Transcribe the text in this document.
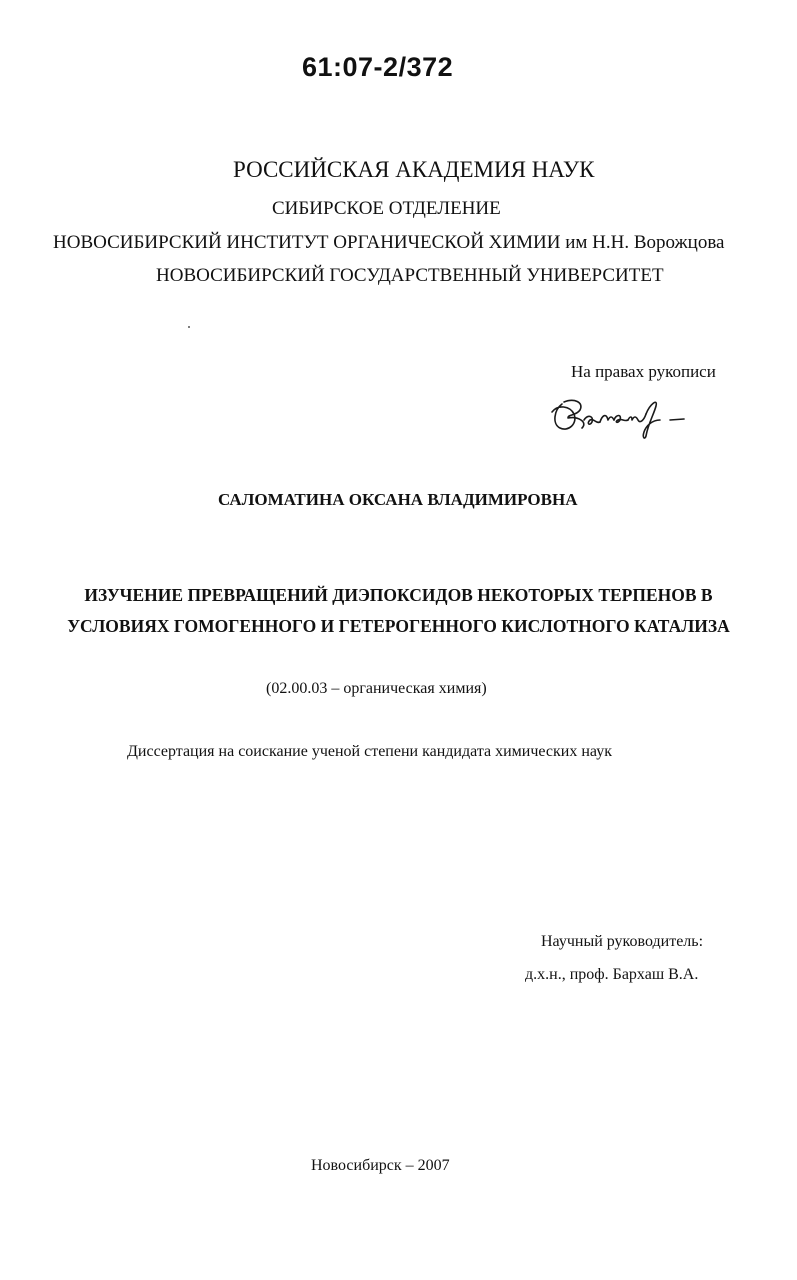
61:07-2/372

РОССИЙСКАЯ АКАДЕМИЯ НАУК

СИБИРСКОЕ ОТДЕЛЕНИЕ

НОВОСИБИРСКИЙ ИНСТИТУТ ОРГАНИЧЕСКОЙ ХИМИИ им Н.Н. Ворожцова

НОВОСИБИРСКИЙ ГОСУДАРСТВЕННЫЙ УНИВЕРСИТЕТ

На правах рукописи

САЛОМАТИНА ОКСАНА ВЛАДИМИРОВНА

ИЗУЧЕНИЕ ПРЕВРАЩЕНИЙ ДИЭПОКСИДОВ НЕКОТОРЫХ ТЕРПЕНОВ В

УСЛОВИЯХ ГОМОГЕННОГО И ГЕТЕРОГЕННОГО КИСЛОТНОГО КАТАЛИЗА

(02.00.03 – органическая химия)

Диссертация на соискание ученой степени кандидата химических наук

Научный руководитель:

д.х.н., проф. Бархаш В.А.

Новосибирск – 2007
